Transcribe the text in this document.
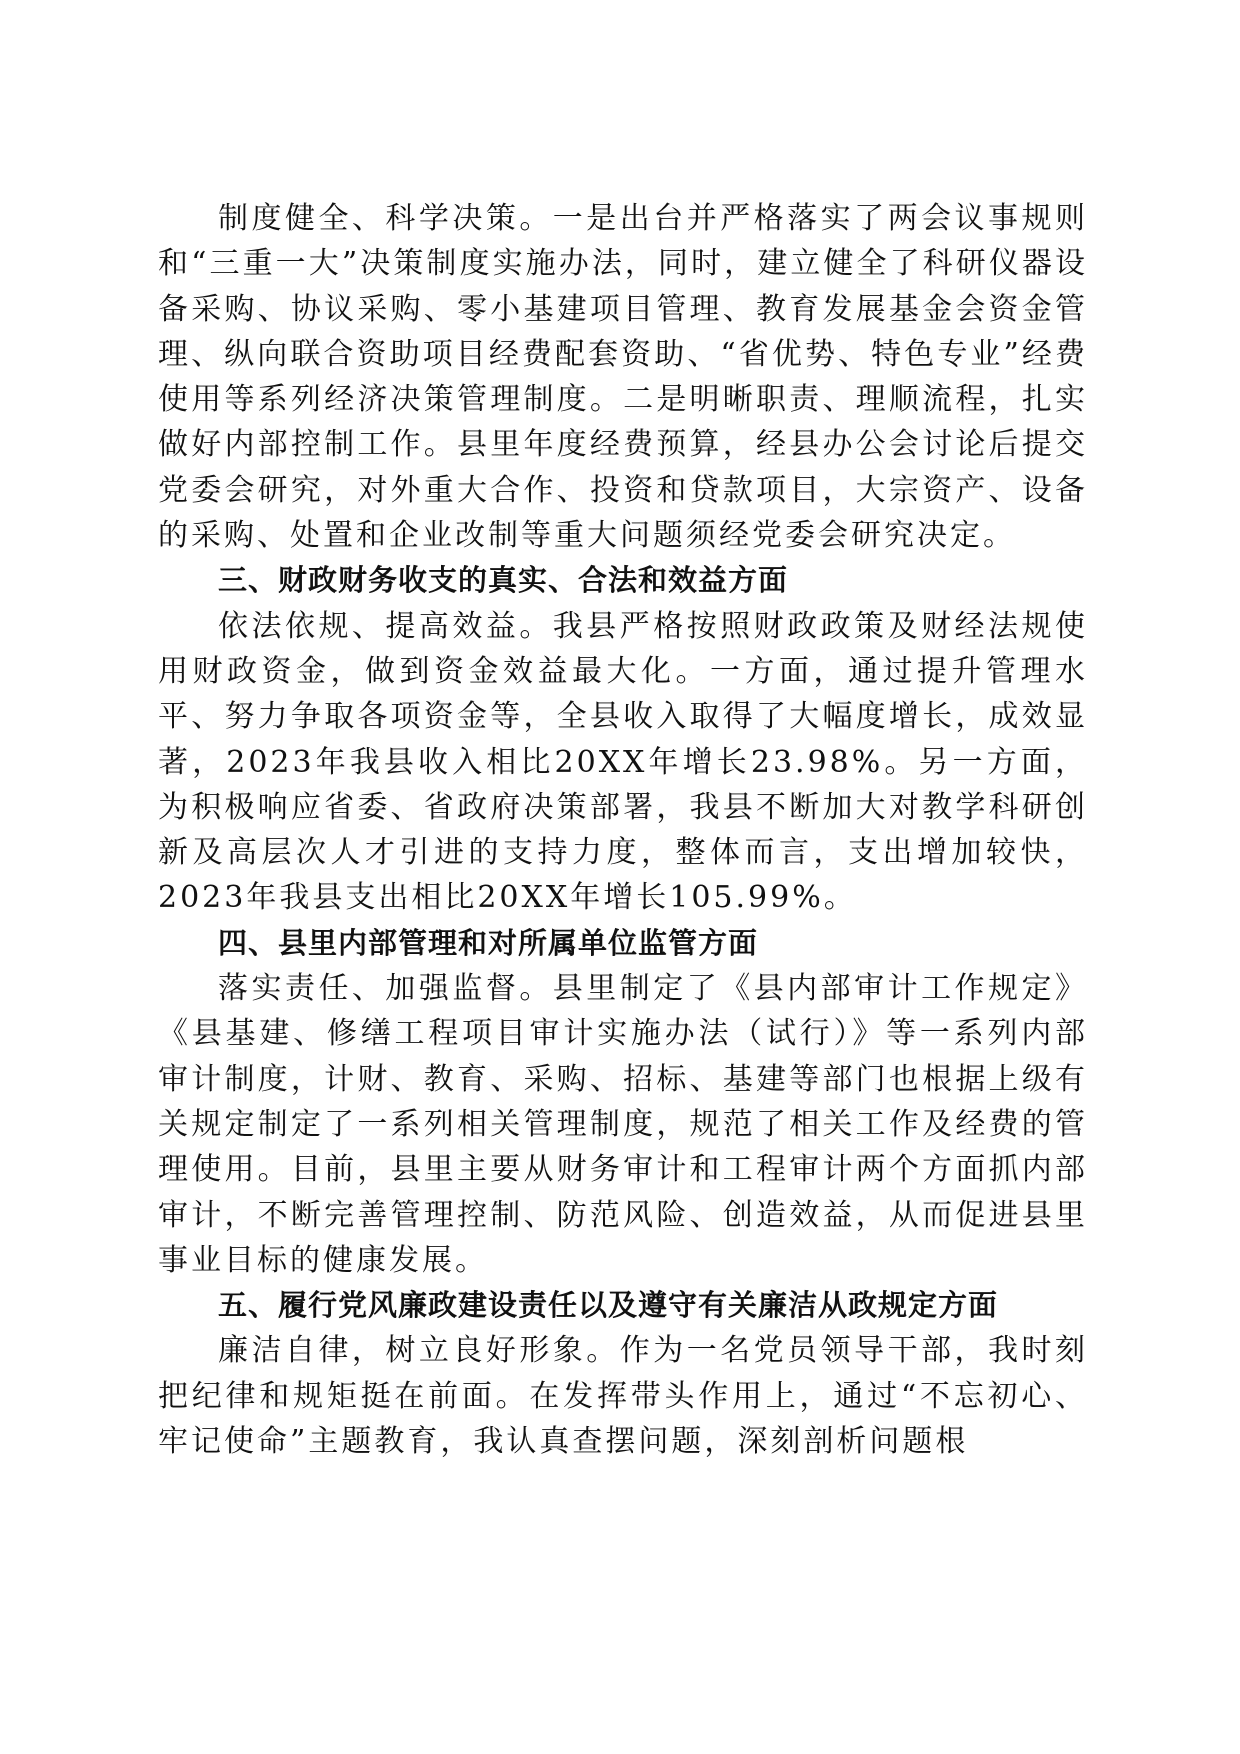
制度健全、科学决策。一是出台并严格落实了两会议事规则和“三重一大”决策制度实施办法，同时，建立健全了科研仪器设备采购、协议采购、零小基建项目管理、教育发展基金会资金管理、纵向联合资助项目经费配套资助、“省优势、特色专业”经费使用等系列经济决策管理制度。二是明晰职责、理顺流程，扎实做好内部控制工作。县里年度经费预算，经县办公会讨论后提交党委会研究，对外重大合作、投资和贷款项目，大宗资产、设备的采购、处置和企业改制等重大问题须经党委会研究决定。

三、财政财务收支的真实、合法和效益方面

依法依规、提高效益。我县严格按照财政政策及财经法规使用财政资金，做到资金效益最大化。一方面，通过提升管理水平、努力争取各项资金等，全县收入取得了大幅度增长，成效显著，2023年我县收入相比20XX年增长23.98%。另一方面，为积极响应省委、省政府决策部署，我县不断加大对教学科研创新及高层次人才引进的支持力度，整体而言，支出增加较快，2023年我县支出相比20XX年增长105.99%。

四、县里内部管理和对所属单位监管方面

落实责任、加强监督。县里制定了《县内部审计工作规定》《县基建、修缮工程项目审计实施办法（试行）》等一系列内部审计制度，计财、教育、采购、招标、基建等部门也根据上级有关规定制定了一系列相关管理制度，规范了相关工作及经费的管理使用。目前，县里主要从财务审计和工程审计两个方面抓内部审计，不断完善管理控制、防范风险、创造效益，从而促进县里事业目标的健康发展。

五、履行党风廉政建设责任以及遵守有关廉洁从政规定方面

廉洁自律，树立良好形象。作为一名党员领导干部，我时刻把纪律和规矩挺在前面。在发挥带头作用上，通过“不忘初心、牢记使命”主题教育，我认真查摆问题，深刻剖析问题根
